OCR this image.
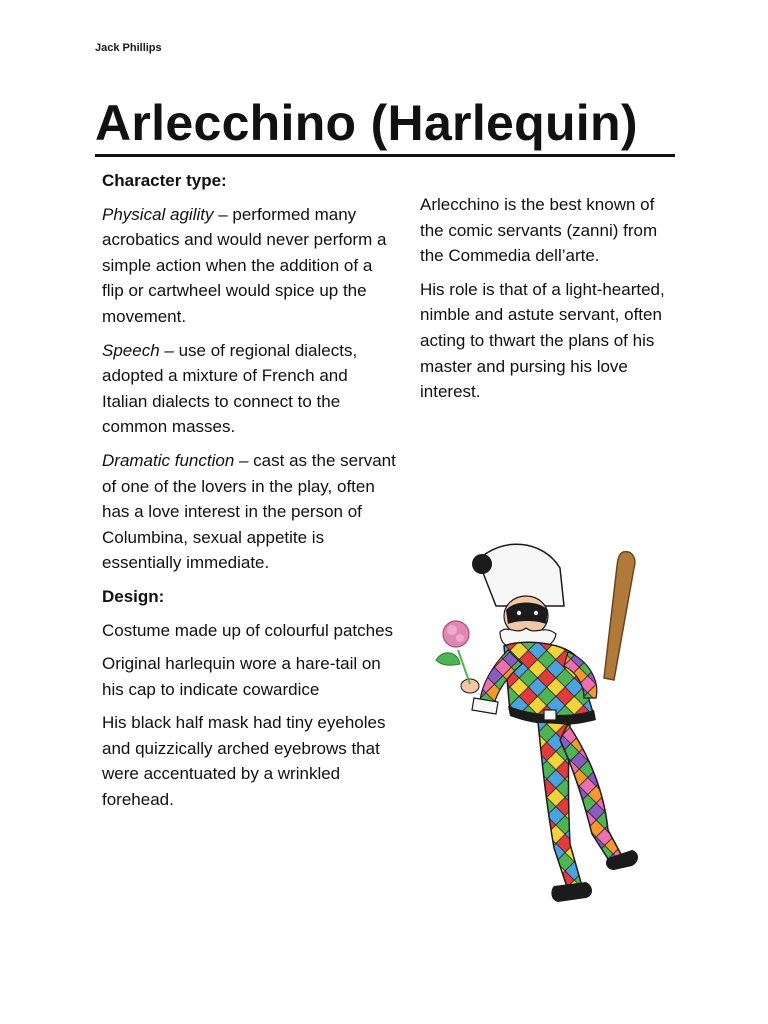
Jack Phillips
Arlecchino (Harlequin)

Character type:

Physical agility – performed many acrobatics and would never perform a simple action when the addition of a flip or cartwheel would spice up the movement.

Speech – use of regional dialects, adopted a mixture of French and Italian dialects to connect to the common masses.

Dramatic function – cast as the servant of one of the lovers in the play, often has a love interest in the person of Columbina, sexual appetite is essentially immediate.

Design:

Costume made up of colourful patches

Original harlequin wore a hare-tail on his cap to indicate cowardice

His black half mask had tiny eyeholes and quizzically arched eyebrows that were accentuated by a wrinkled forehead.

Arlecchino is the best known of the comic servants (zanni) from the Commedia dell’arte.

His role is that of a light-hearted, nimble and astute servant, often acting to thwart the plans of his master and pursing his love interest.
